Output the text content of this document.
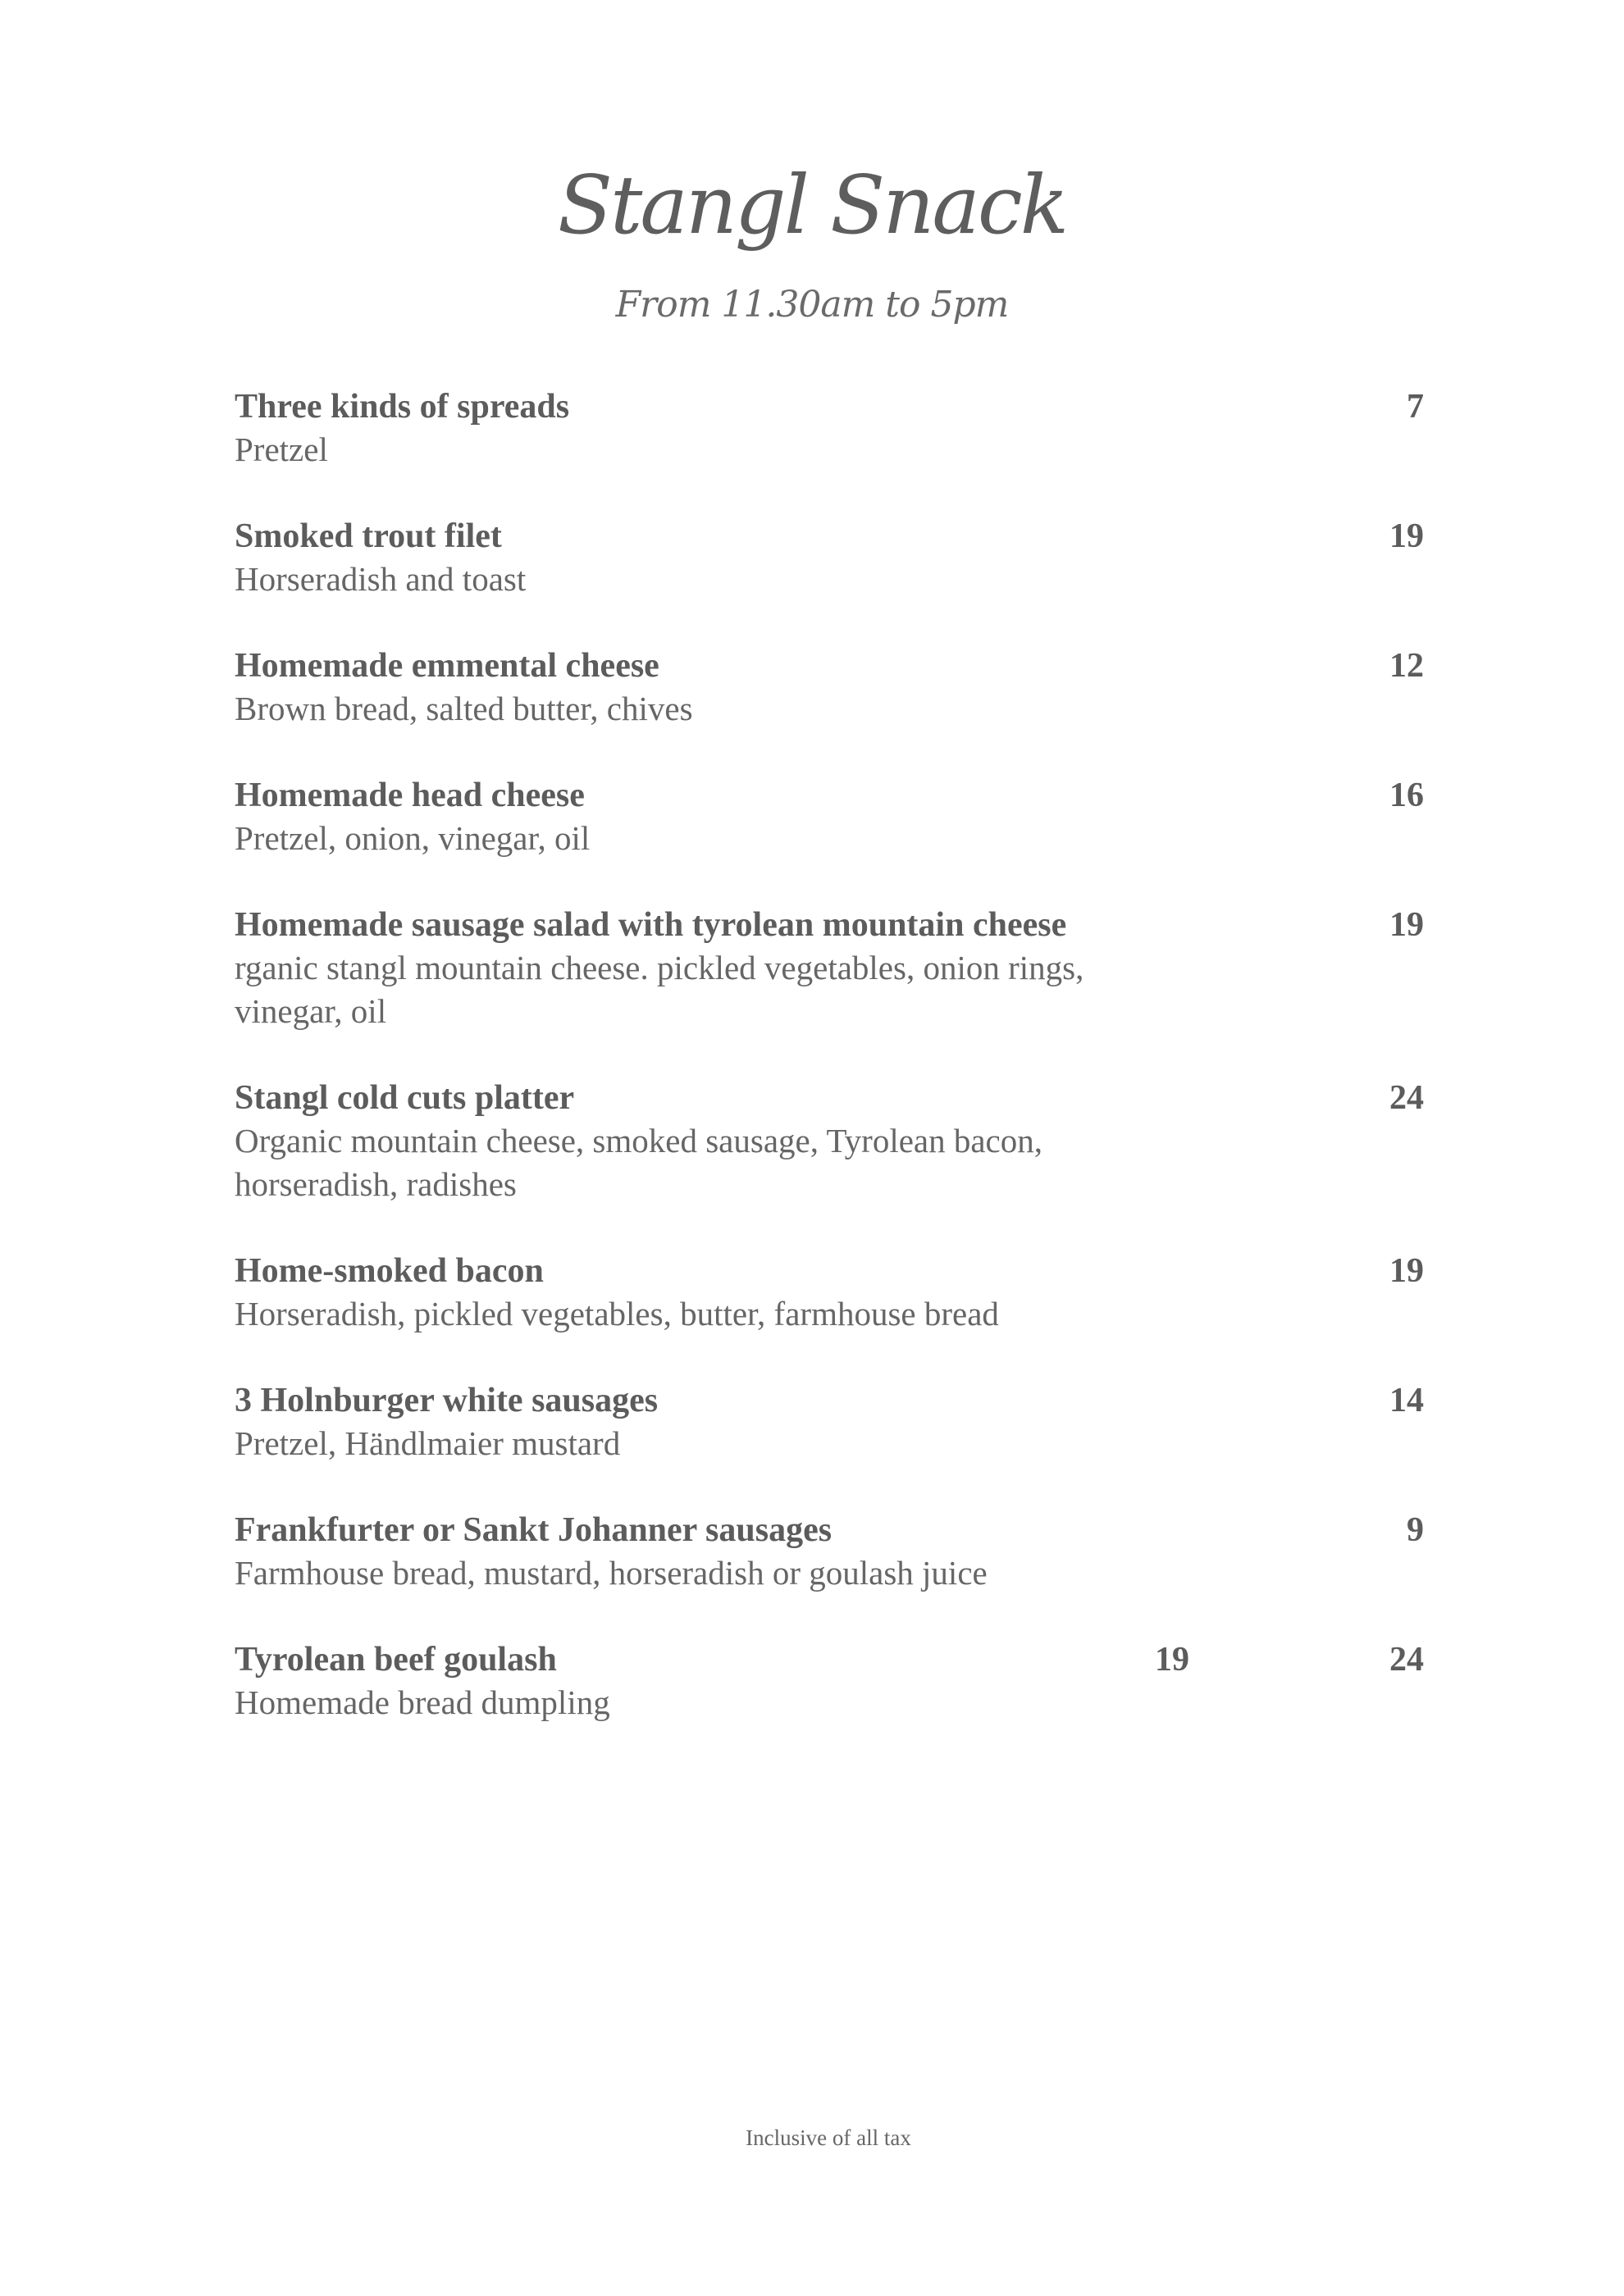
Stangl Snack
From 11.30am to 5pm
Three kinds of spreads
Pretzel
7
Smoked trout filet
Horseradish and toast
19
Homemade emmental cheese
Brown bread, salted butter, chives
12
Homemade head cheese
Pretzel, onion, vinegar, oil
16
Homemade sausage salad with tyrolean mountain cheese
rganic stangl mountain cheese. pickled vegetables, onion rings, vinegar, oil
19
Stangl cold cuts platter
Organic mountain cheese, smoked sausage, Tyrolean bacon, horseradish, radishes
24
Home-smoked bacon
Horseradish, pickled vegetables, butter, farmhouse bread
19
3 Holnburger white sausages
Pretzel, Händlmaier mustard
14
Frankfurter or Sankt Johanner sausages
Farmhouse bread, mustard, horseradish or goulash juice
9
Tyrolean beef goulash
Homemade bread dumpling
19	24
Inclusive of all tax
